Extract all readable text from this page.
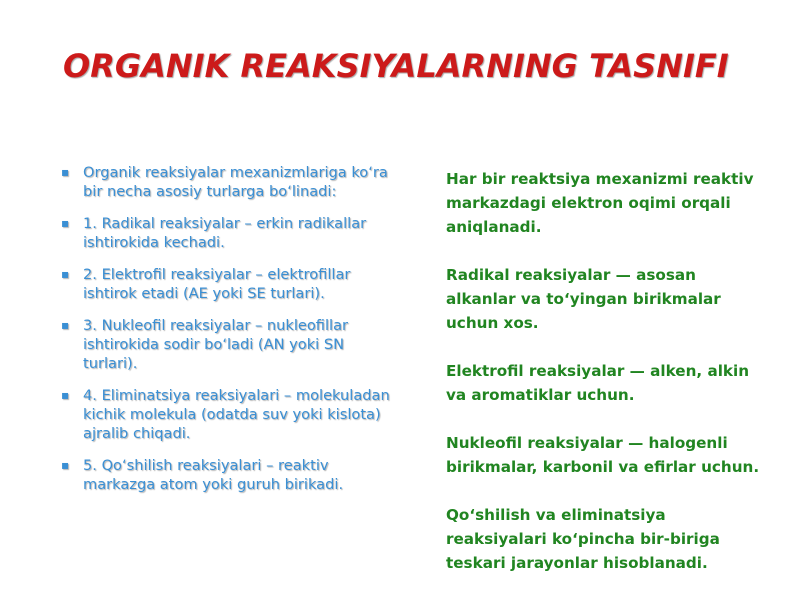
ORGANIK REAKSIYALARNING TASNIFI
▪ Organik reaksiyalar mexanizmlariga ko‘ra bir necha asosiy turlarga bo‘linadi:
▪ 1. Radikal reaksiyalar – erkin radikallar ishtirokida kechadi.
▪ 2. Elektrofil reaksiyalar – elektrofillar ishtirok etadi (AE yoki SE turlari).
▪ 3. Nukleofil reaksiyalar – nukleofillar ishtirokida sodir bo‘ladi (AN yoki SN turlari).
▪ 4. Eliminatsiya reaksiyalari – molekuladan kichik molekula (odatda suv yoki kislota) ajralib chiqadi.
▪ 5. Qo‘shilish reaksiyalari – reaktiv markazga atom yoki guruh birikadi.

Har bir reaktsiya mexanizmi reaktiv markazdagi elektron oqimi orqali aniqlanadi.

Radikal reaksiyalar — asosan alkanlar va to‘yingan birikmalar uchun xos.

Elektrofil reaksiyalar — alken, alkin va aromatiklar uchun.

Nukleofil reaksiyalar — halogenli birikmalar, karbonil va efirlar uchun.

Qo‘shilish va eliminatsiya reaksiyalari ko‘pincha bir-biriga teskari jarayonlar hisoblanadi.
